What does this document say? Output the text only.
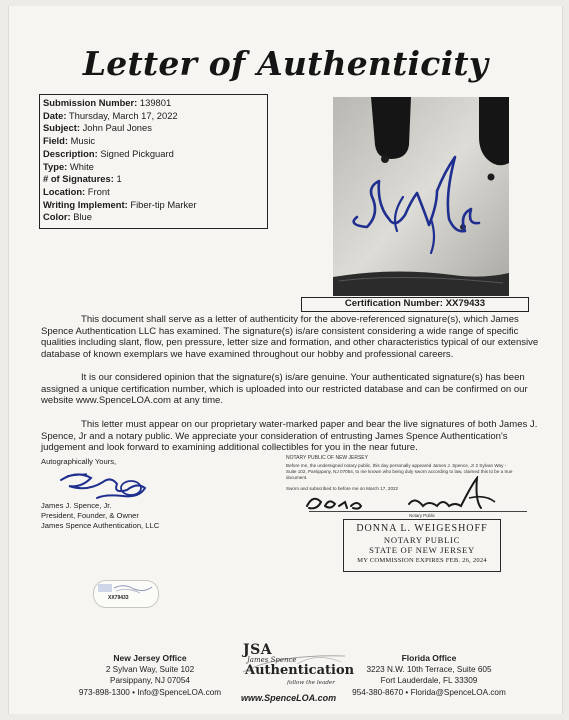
Letter of Authenticity
Submission Number: 139801
Date: Thursday, March 17, 2022
Subject: John Paul Jones
Field: Music
Description: Signed Pickguard
Type: White
# of Signatures: 1
Location: Front
Writing Implement: Fiber-tip Marker
Color: Blue
Certification Number: XX79433
This document shall serve as a letter of authenticity for the above-referenced signature(s), which James Spence Authentication LLC has examined. The signature(s) is/are consistent considering a wide range of specific qualities including slant, flow, pen pressure, letter size and formation, and other characteristics typical of our extensive database of known exemplars we have examined throughout our hobby and professional careers.
It is our considered opinion that the signature(s) is/are genuine. Your authenticated signature(s) has been assigned a unique certification number, which is uploaded into our restricted database and can be confirmed on our website www.SpenceLOA.com at any time.
This letter must appear on our proprietary water-marked paper and bear the live signatures of both James J. Spence, Jr and a notary public. We appreciate your consideration of entrusting James Spence Authentication's judgement and look forward to examining additional collectibles for you in the near future.
Autographically Yours,
James J. Spence, Jr.
President, Founder, & Owner
James Spence Authentication, LLC
NOTARY PUBLIC OF NEW JERSEY
Before me, the undersigned notary public, this day personally appeared James J. Spence, Jr 2 Sylvan Way - Suite 102, Parsippany, NJ 07054, to me known who being duly sworn according to law, claimed this to be a true document.
Sworn and subscribed to before me on March 17, 2022
Notary Public
DONNA L. WEIGESHOFF
NOTARY PUBLIC
STATE OF NEW JERSEY
MY COMMISSION EXPIRES FEB. 26, 2024
XX79433
New Jersey Office
2 Sylvan Way, Suite 102
Parsippany, NJ 07054
973-898-1300 • Info@SpenceLOA.com
JSA
James Spence
Authentication
follow the leader
www.SpenceLOA.com
Florida Office
3223 N.W. 10th Terrace, Suite 605
Fort Lauderdale, FL 33309
954-380-8670 • Florida@SpenceLOA.com
